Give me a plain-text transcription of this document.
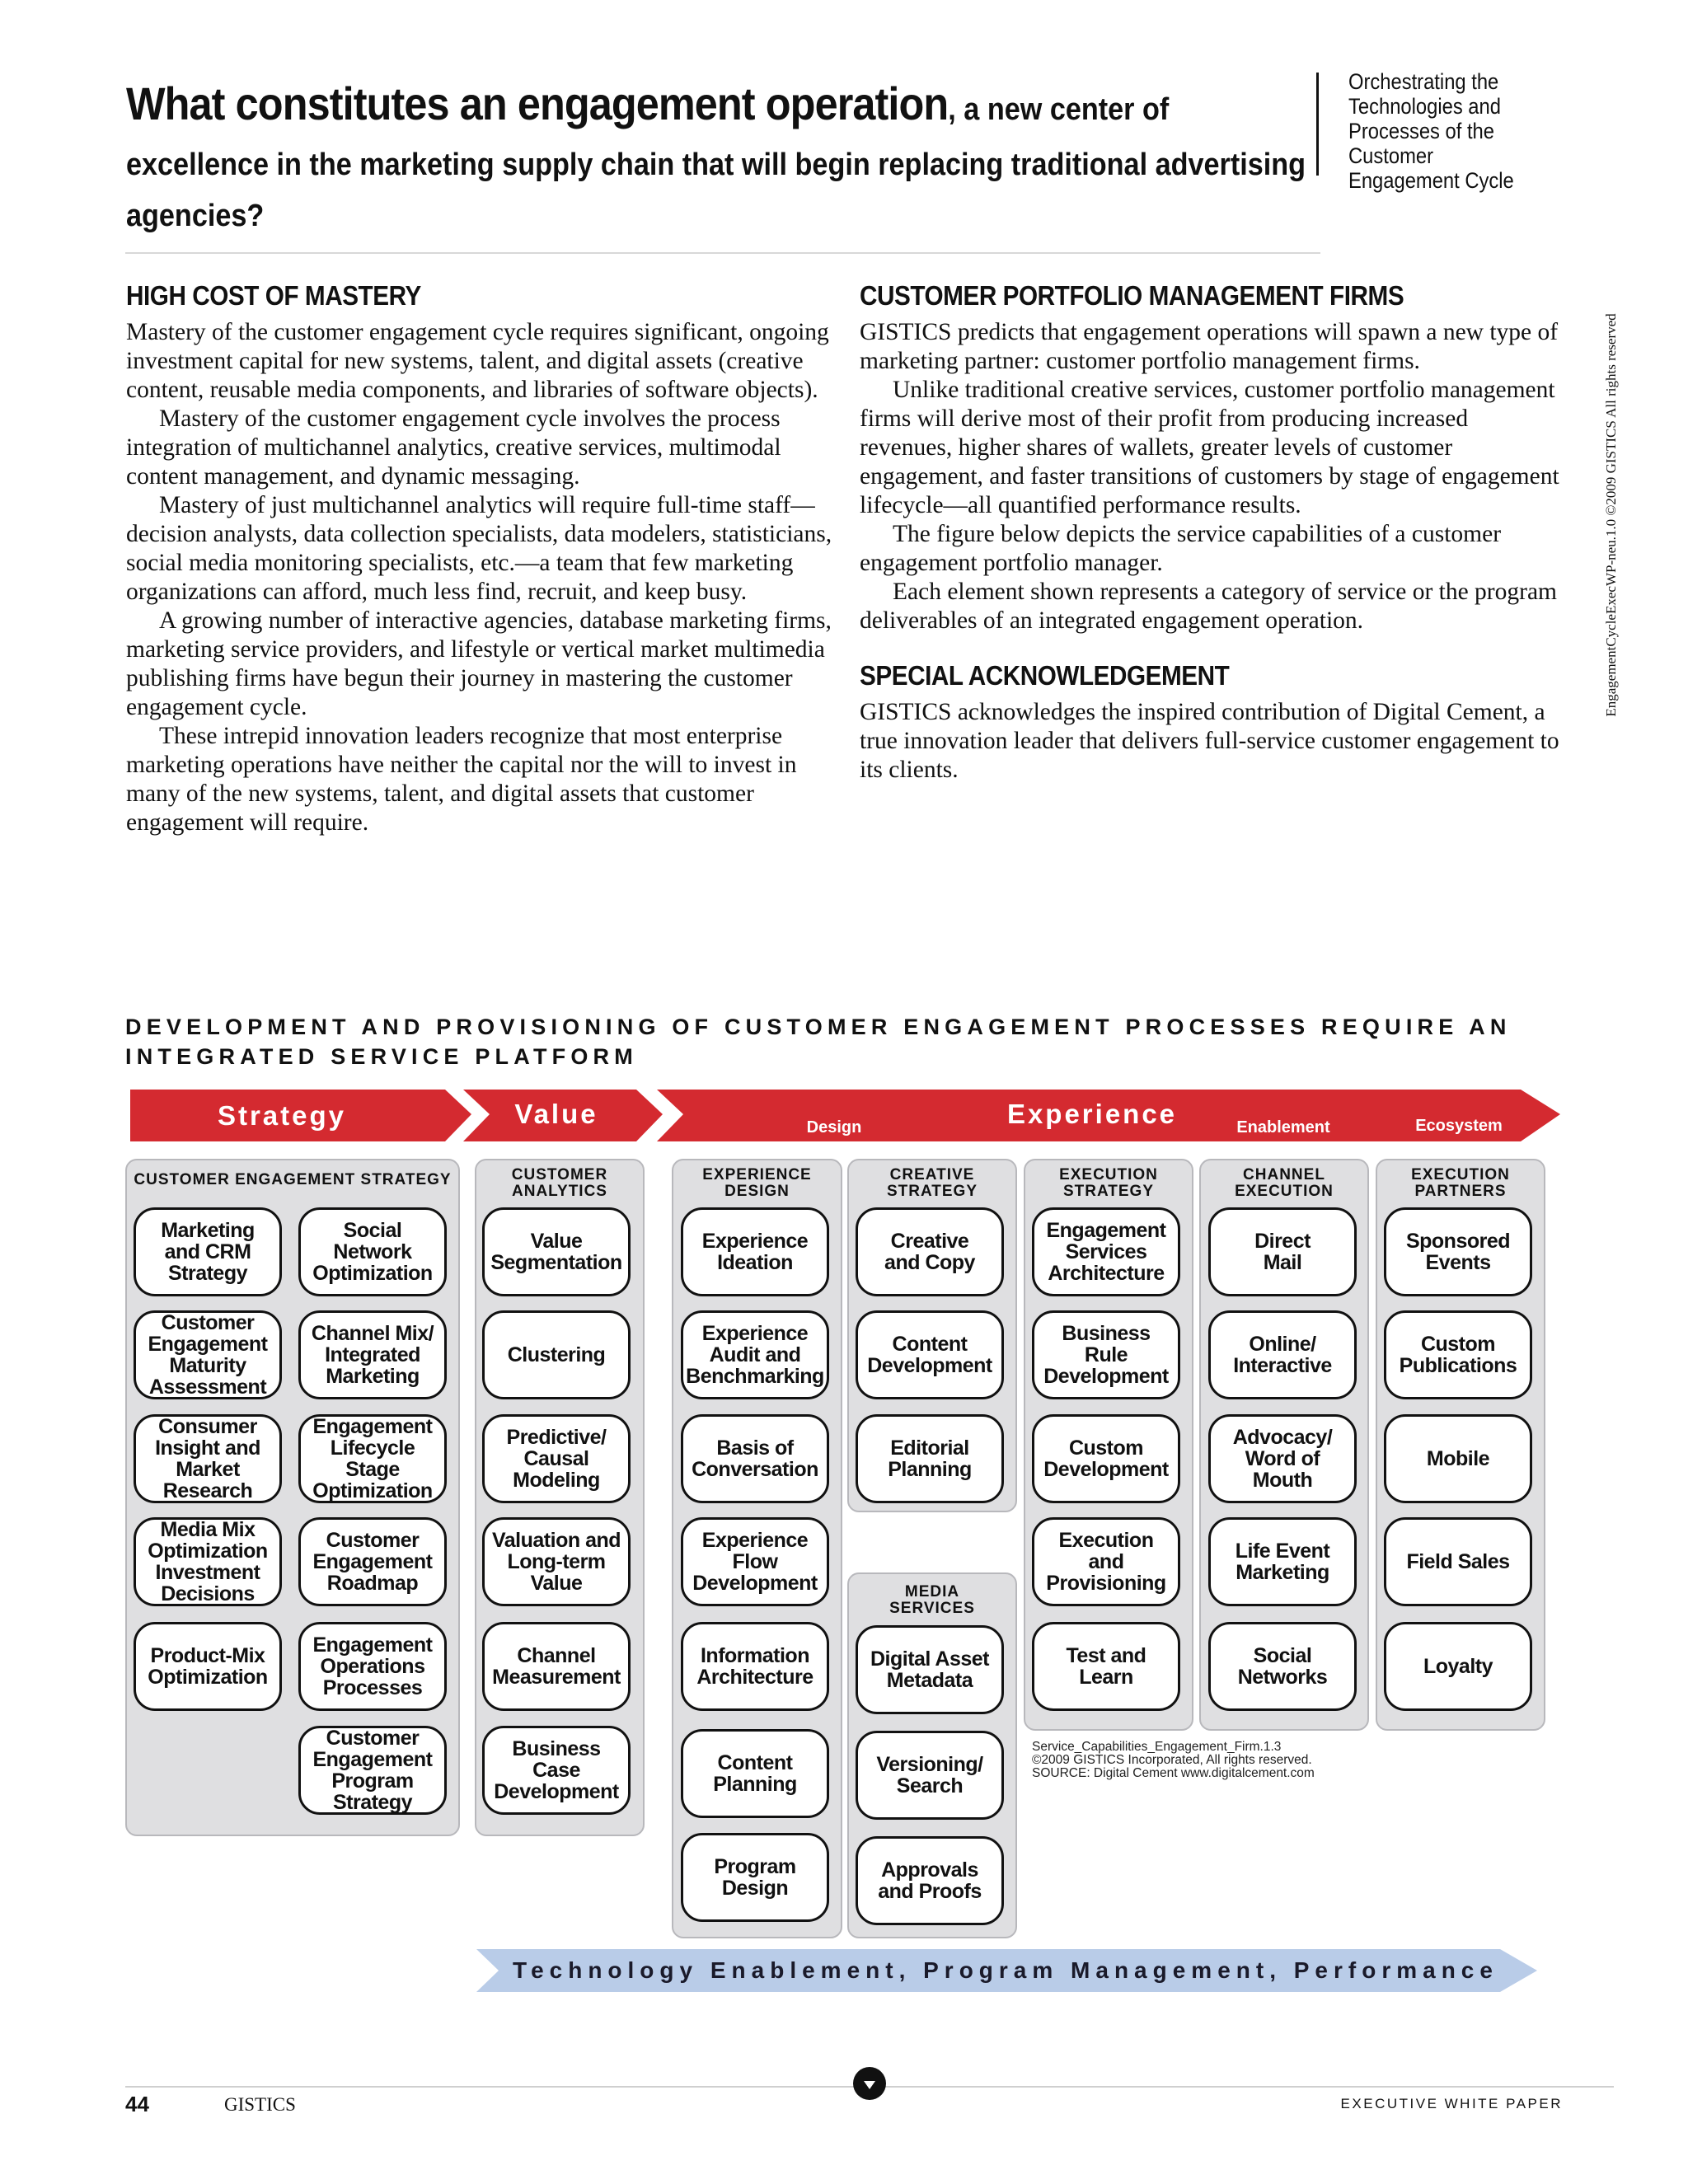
What constitutes an engagement operation, a new center of
excellence in the marketing supply chain that will begin replacing traditional advertising
agencies?
Orchestrating the Technologies and Processes of the Customer Engagement Cycle
EngagementCycleExecWP-neu.1.0 ©2009 GISTICS All rights reserved
HIGH COST OF MASTERY

Mastery of the customer engagement cycle requires significant, ongoing investment capital for new systems, talent, and digital assets (creative content, reusable media components, and libraries of software objects).

Mastery of the customer engagement cycle involves the process integration of multichannel analytics, creative services, multimodal content management, and dynamic messaging.

Mastery of just multichannel analytics will require full-time staff—decision analysts, data collection specialists, data modelers, statisticians, social media monitoring specialists, etc.—a team that few marketing organizations can afford, much less find, recruit, and keep busy.

A growing number of interactive agencies, database marketing firms, marketing service providers, and lifestyle or vertical market multimedia publishing firms have begun their journey in mastering the customer engagement cycle.

These intrepid innovation leaders recognize that most enterprise marketing operations have neither the capital nor the will to invest in many of the new systems, talent, and digital assets that customer engagement will require.

CUSTOMER PORTFOLIO MANAGEMENT FIRMS

GISTICS predicts that engagement operations will spawn a new type of marketing partner: customer portfolio management firms.

Unlike traditional creative services, customer portfolio management firms will derive most of their profit from producing increased revenues, higher shares of wallets, greater levels of customer engagement, and faster transitions of customers by stage of engagement lifecycle—all quantified performance results.

The figure below depicts the service capabilities of a customer engagement portfolio manager.

Each element shown represents a category of service or the program deliverables of an integrated engagement operation.

SPECIAL ACKNOWLEDGEMENT

GISTICS acknowledges the inspired contribution of Digital Cement, a true innovation leader that delivers full-service customer engagement to its clients.

DEVELOPMENT AND PROVISIONING OF CUSTOMER ENGAGEMENT PROCESSES REQUIRE AN INTEGRATED SERVICE PLATFORM
Strategy	Value	Design	Experience	Enablement	Ecosystem
CUSTOMER ENGAGEMENT STRATEGY	CUSTOMER
ANALYTICS
EXPERIENCE
DESIGN
CREATIVE
STRATEGY
MEDIA
SERVICES
EXECUTION
STRATEGY
CHANNEL
EXECUTION
EXECUTION
PARTNERS
Marketing
and CRM
Strategy
Social
Network
Optimization
Customer
Engagement
Maturity
Assessment
Channel Mix/
Integrated
Marketing
Consumer
Insight and
Market
Research
Engagement
Lifecycle
Stage
Optimization
Media Mix
Optimization
Investment
Decisions
Customer
Engagement
Roadmap
Product-Mix
Optimization
Engagement
Operations
Processes
Customer
Engagement
Program
Strategy
Value
Segmentation
Clustering
Predictive/
Causal
Modeling
Valuation and
Long-term
Value
Channel
Measurement
Business Case
Development
Experience
Ideation
Experience
Audit and
Benchmarking
Basis of
Conversation
Experience
Flow
Development
Information
Architecture
Content
Planning
Program
Design
Creative
and Copy
Content
Development
Editorial
Planning
Digital Asset
Metadata
Versioning/
Search
Approvals
and Proofs
Engagement
Services
Architecture
Business
Rule
Development
Custom
Development
Execution and
Provisioning
Test and
Learn
Direct
Mail
Online/
Interactive
Advocacy/
Word of Mouth
Life Event
Marketing
Social
Networks
Sponsored
Events
Custom
Publications
Mobile
Field Sales
Loyalty
Service_Capabilities_Engagement_Firm.1.3
©2009 GISTICS Incorporated, All rights reserved.
SOURCE: Digital Cement www.digitalcement.com
Technology Enablement, Program Management, Performance
44	GISTICS	EXECUTIVE WHITE PAPER
